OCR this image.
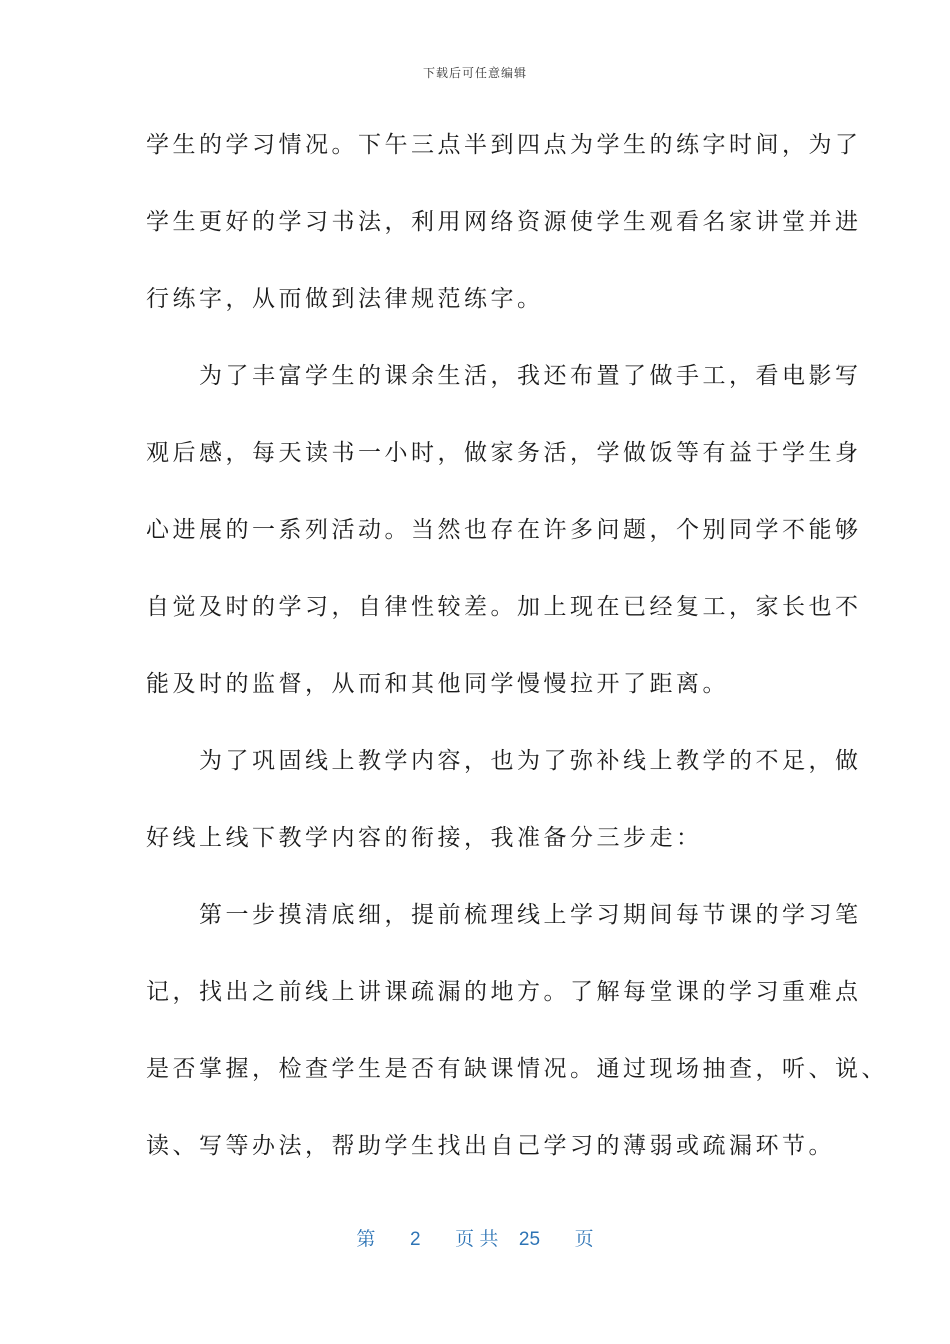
下载后可任意编辑
学生的学习情况。下午三点半到四点为学生的练字时间，为了
学生更好的学习书法，利用网络资源使学生观看名家讲堂并进
行练字，从而做到法律规范练字。
　　为了丰富学生的课余生活，我还布置了做手工，看电影写
观后感，每天读书一小时，做家务活，学做饭等有益于学生身
心进展的一系列活动。当然也存在许多问题，个别同学不能够
自觉及时的学习，自律性较差。加上现在已经复工，家长也不
能及时的监督，从而和其他同学慢慢拉开了距离。
　　为了巩固线上教学内容，也为了弥补线上教学的不足，做
好线上线下教学内容的衔接，我准备分三步走：
　　第一步摸清底细，提前梳理线上学习期间每节课的学习笔
记，找出之前线上讲课疏漏的地方。了解每堂课的学习重难点
是否掌握，检查学生是否有缺课情况。通过现场抽查，听、说、
读、写等办法，帮助学生找出自己学习的薄弱或疏漏环节。
第 2 页 共 25 页
